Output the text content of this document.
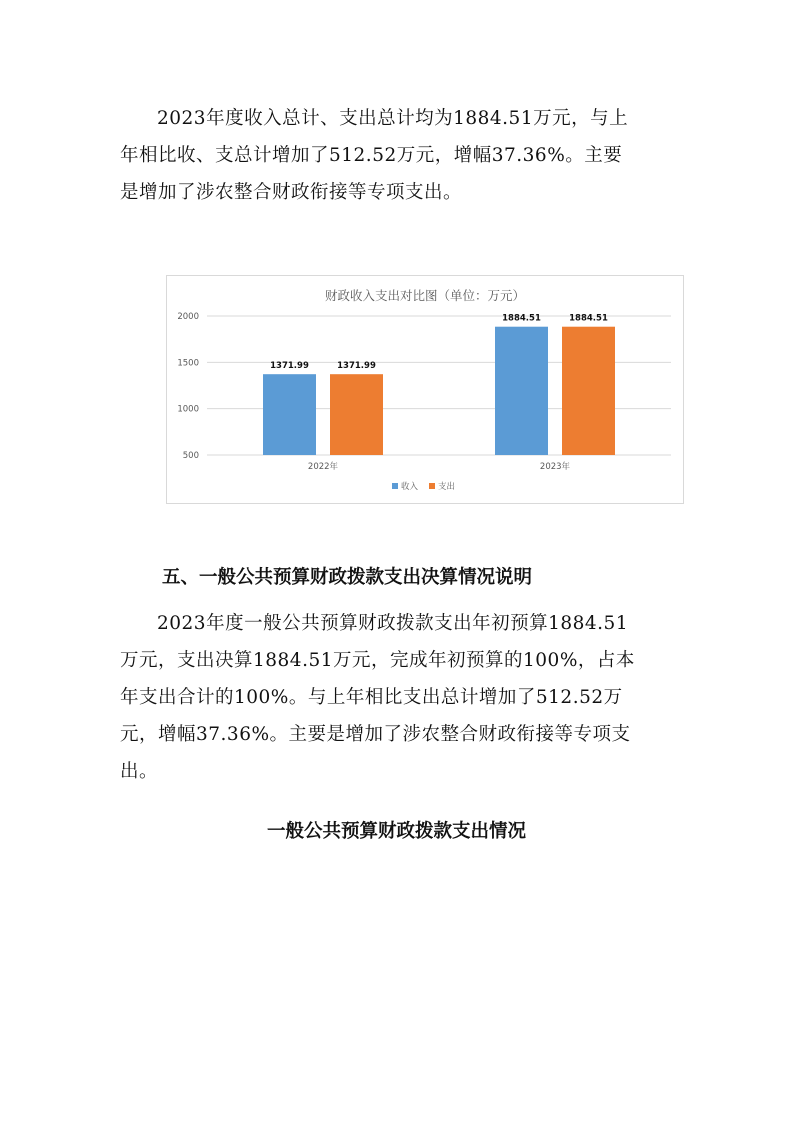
2023年度收入总计、支出总计均为1884.51万元，与上
年相比收、支总计增加了512.52万元，增幅37.36%。主要
是增加了涉农整合财政衔接等专项支出。
财政收入支出对比图（单位：万元）
500
1000
1500
2000
1371.99	1371.99
2022年
1884.51	1884.51
2023年
收入 支出
五、一般公共预算财政拨款支出决算情况说明
2023年度一般公共预算财政拨款支出年初预算1884.51
万元，支出决算1884.51万元，完成年初预算的100%，占本
年支出合计的100%。与上年相比支出总计增加了512.52万
元，增幅37.36%。主要是增加了涉农整合财政衔接等专项支
出。
一般公共预算财政拨款支出情况
